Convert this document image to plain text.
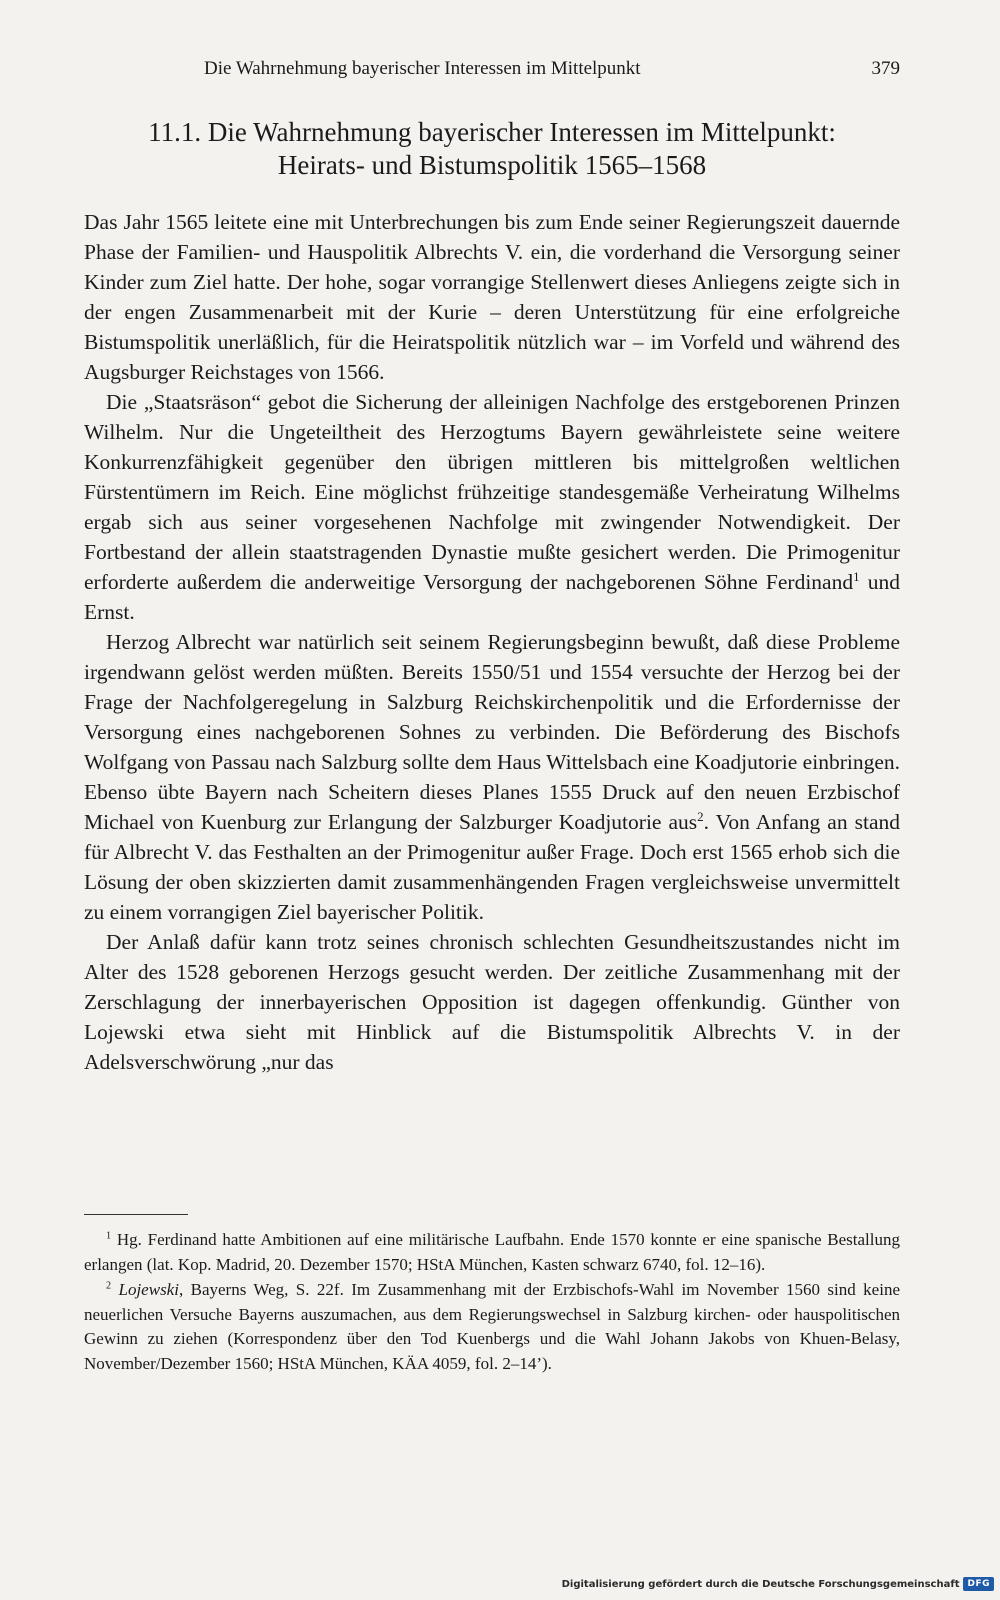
Die Wahrnehmung bayerischer Interessen im Mittelpunkt	379
11.1. Die Wahrnehmung bayerischer Interessen im Mittelpunkt:
Heirats- und Bistumspolitik 1565–1568

Das Jahr 1565 leitete eine mit Unterbrechungen bis zum Ende seiner Regierungszeit dauernde Phase der Familien- und Hauspolitik Albrechts V. ein, die vorderhand die Versorgung seiner Kinder zum Ziel hatte. Der hohe, sogar vorrangige Stellenwert dieses Anliegens zeigte sich in der engen Zusammenarbeit mit der Kurie – deren Unterstützung für eine erfolgreiche Bistumspolitik unerläßlich, für die Heiratspolitik nützlich war – im Vorfeld und während des Augsburger Reichstages von 1566.

Die „Staatsräson“ gebot die Sicherung der alleinigen Nachfolge des erstgeborenen Prinzen Wilhelm. Nur die Ungeteiltheit des Herzogtums Bayern gewährleistete seine weitere Konkurrenzfähigkeit gegenüber den übrigen mittleren bis mittelgroßen weltlichen Fürstentümern im Reich. Eine möglichst frühzeitige standesgemäße Verheiratung Wilhelms ergab sich aus seiner vorgesehenen Nachfolge mit zwingender Notwendigkeit. Der Fortbestand der allein staatstragenden Dynastie mußte gesichert werden. Die Primogenitur erforderte außerdem die anderweitige Versorgung der nachgeborenen Söhne Ferdinand$^1$ und Ernst.

Herzog Albrecht war natürlich seit seinem Regierungsbeginn bewußt, daß diese Probleme irgendwann gelöst werden müßten. Bereits 1550/51 und 1554 versuchte der Herzog bei der Frage der Nachfolgeregelung in Salzburg Reichskirchenpolitik und die Erfordernisse der Versorgung eines nachgeborenen Sohnes zu verbinden. Die Beförderung des Bischofs Wolfgang von Passau nach Salzburg sollte dem Haus Wittelsbach eine Koadjutorie einbringen. Ebenso übte Bayern nach Scheitern dieses Planes 1555 Druck auf den neuen Erzbischof Michael von Kuenburg zur Erlangung der Salzburger Koadjutorie aus$^2$. Von Anfang an stand für Albrecht V. das Festhalten an der Primogenitur außer Frage. Doch erst 1565 erhob sich die Lösung der oben skizzierten damit zusammenhängenden Fragen vergleichsweise unvermittelt zu einem vorrangigen Ziel bayerischer Politik.

Der Anlaß dafür kann trotz seines chronisch schlechten Gesundheitszustandes nicht im Alter des 1528 geborenen Herzogs gesucht werden. Der zeitliche Zusammenhang mit der Zerschlagung der innerbayerischen Opposition ist dagegen offenkundig. Günther von Lojewski etwa sieht mit Hinblick auf die Bistumspolitik Albrechts V. in der Adelsverschwörung „nur das

$^1$ Hg. Ferdinand hatte Ambitionen auf eine militärische Laufbahn. Ende 1570 konnte er eine spanische Bestallung erlangen (lat. Kop. Madrid, 20. Dezember 1570; HStA München, Kasten schwarz 6740, fol. 12–16).

$^2$ Lojewski, Bayerns Weg, S. 22f. Im Zusammenhang mit der Erzbischofs-Wahl im November 1560 sind keine neuerlichen Versuche Bayerns auszumachen, aus dem Regierungswechsel in Salzburg kirchen- oder hauspolitischen Gewinn zu ziehen (Korrespondenz über den Tod Kuenbergs und die Wahl Johann Jakobs von Khuen-Belasy, November/Dezember 1560; HStA München, KÄA 4059, fol. 2–14’).

Digitalisierung gefördert durch die Deutsche Forschungsgemeinschaft DFG
